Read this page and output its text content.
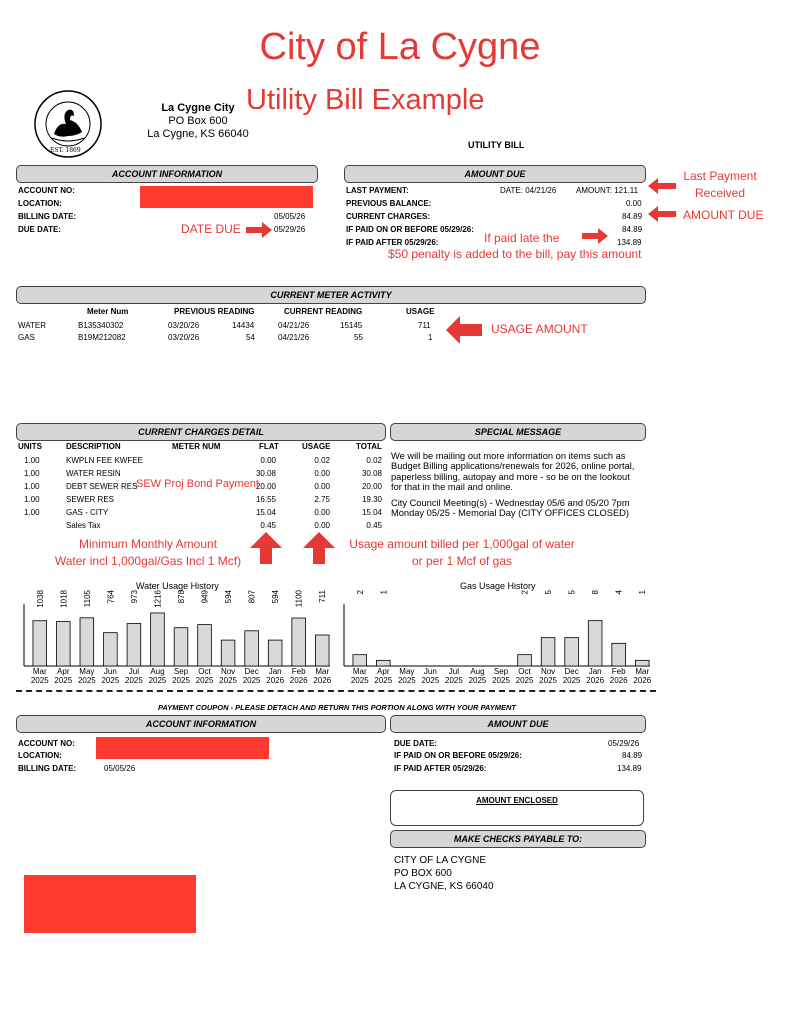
City of La Cygne
Utility Bill Example
EST. 1869
La Cygne City
PO Box 600
La Cygne, KS 66040
UTILITY BILL
ACCOUNT INFORMATION
ACCOUNT NO:
LOCATION:
BILLING DATE:	05/05/26
DUE DATE:	05/29/26
AMOUNT DUE
LAST PAYMENT:	DATE: 04/21/26 AMOUNT: 121.11
PREVIOUS BALANCE:	0.00
CURRENT CHARGES:	84.89
IF PAID ON OR BEFORE 05/29/26:	84.89
IF PAID AFTER 05/29/26:	134.89
Last Payment
Received
AMOUNT DUE
DATE DUE
If paid late the
$50 penalty is added to the bill, pay this amount
CURRENT METER ACTIVITY
Meter Num	PREVIOUS READING	CURRENT READING	USAGE
WATER	B135340302	03/20/26	14434	04/21/26	15145	711
GAS	B19M212082	03/20/26	54	04/21/26	55	1
USAGE AMOUNT
CURRENT CHARGES DETAIL
UNITS	DESCRIPTION	METER NUM	FLAT	USAGE	TOTAL
1.00	KWPLN FEE KWFEE	0.00	0.02	0.02
1.00	WATER RESIN	30.08	0.00	30.08
1.00	DEBT SEWER RES	20.00	0.00	20.00
1.00	SEWER RES	16.55	2.75	19.30
1.00	GAS - CITY	15.04	0.00	15.04
Sales Tax	0.45	0.00	0.45
SEW Proj Bond Payment
SPECIAL MESSAGE
We will be mailing out more information on items such as Budget Billing applications/renewals for 2026, online portal, paperless billing, autopay and more - so be on the lookout for that in the mail and online.
City Council Meeting(s) - Wednesday 05/6 and 05/20 7pm Monday 05/25 - Memorial Day (CITY OFFICES CLOSED)
Minimum Monthly Amount
Water incl 1,000gal/Gas Incl 1 Mcf)
Usage amount billed per 1,000gal of water
or per 1 Mcf of gas
Water Usage History
1038
Mar
2025
1018
Apr
2025
1105
May
2025
764
Jun
2025
973
Jul
2025
1216
Aug
2025
878
Sep
2025
949
Oct
2025
594
Nov
2025
807
Dec
2025
594
Jan
2026
1100
Feb
2026
711
Mar
2026
Gas Usage History
2
Mar
2025
1
Apr
2025
May
2025
Jun
2025
Jul
2025
Aug
2025
Sep
2025
2
Oct
2025
5
Nov
2025
5
Dec
2025
8
Jan
2026
4
Feb
2026
1
Mar
2026
PAYMENT COUPON - PLEASE DETACH AND RETURN THIS PORTION ALONG WITH YOUR PAYMENT
ACCOUNT INFORMATION
ACCOUNT NO:
LOCATION:
BILLING DATE:	05/05/26
AMOUNT DUE
DUE DATE:	05/29/26
IF PAID ON OR BEFORE 05/29/26:	84.89
IF PAID AFTER 05/29/26:	134.89
AMOUNT ENCLOSED
MAKE CHECKS PAYABLE TO:
CITY OF LA CYGNE
PO BOX 600
LA CYGNE, KS 66040
